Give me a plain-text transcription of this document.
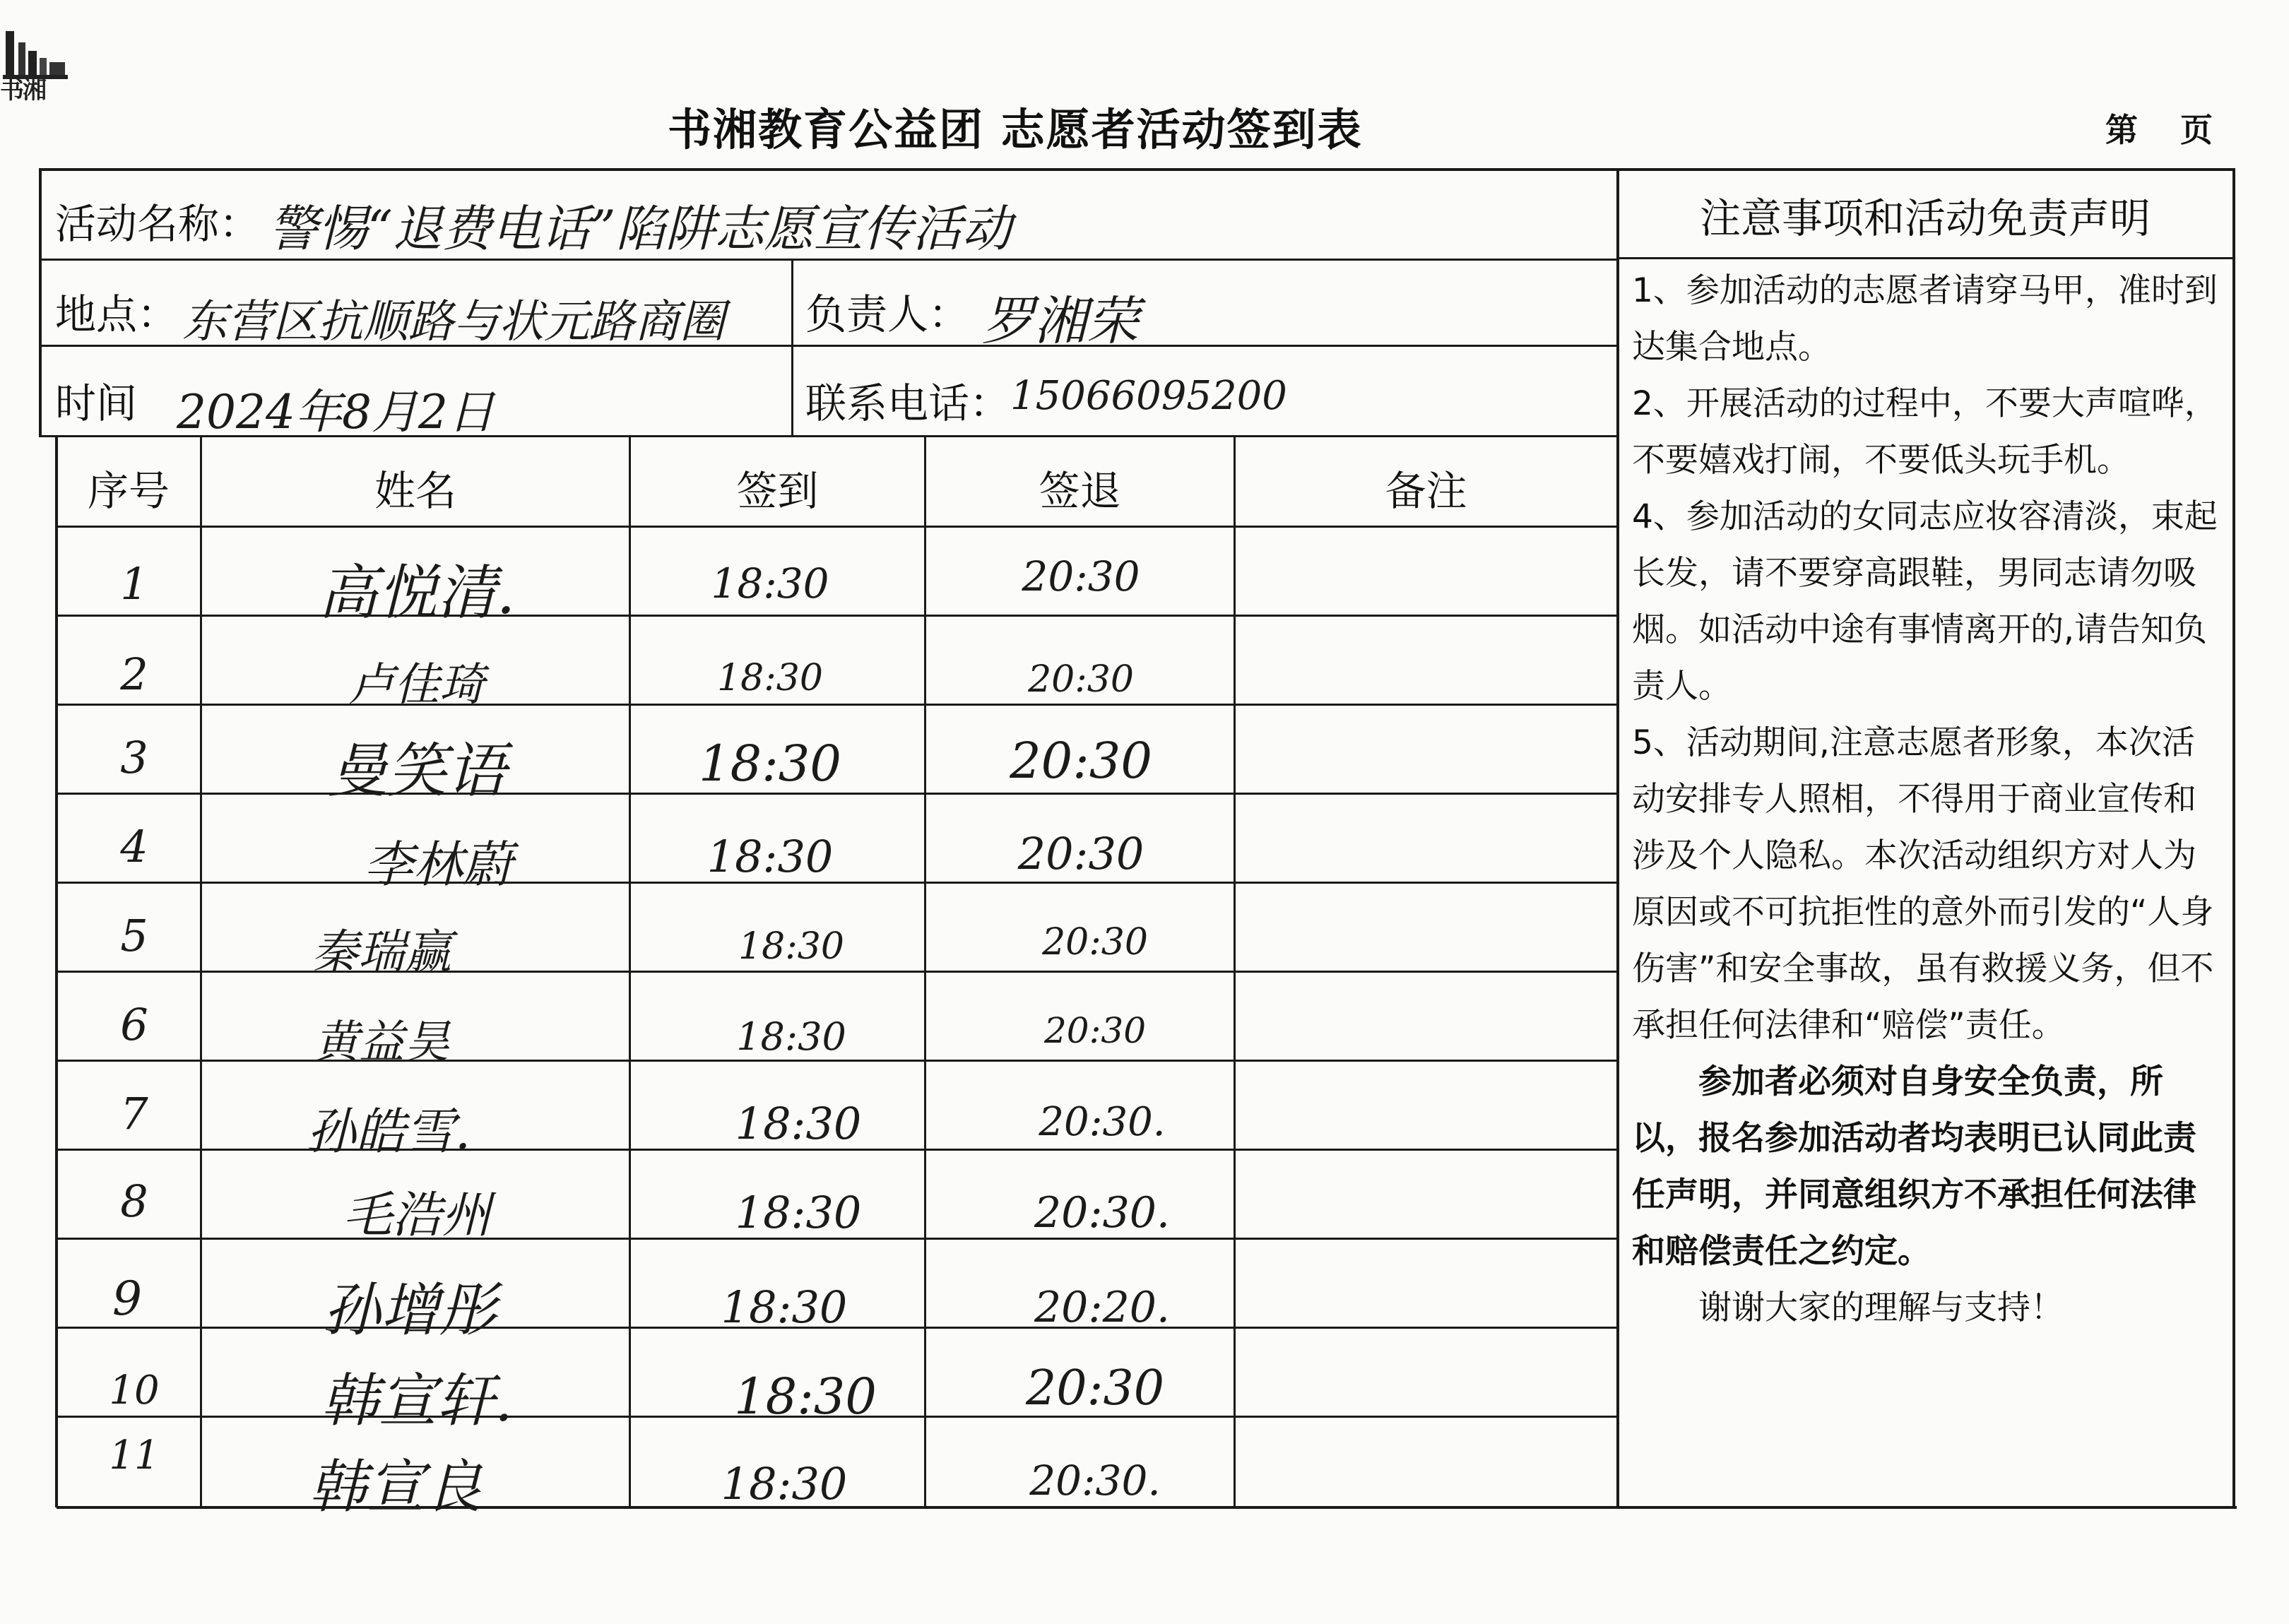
书湘
书湘教育公益团 志愿者活动签到表	第 页
活动名称： 警惕“退费电话”陷阱志愿宣传活动
地点： 东营区抗顺路与状元路商圈 负责人： 罗湘荣
时间 2024年8月2日	联系电话： 15066095200
序号	姓名	签到	签退	备注
1	高悦清.	18:30	20:30
2	卢佳琦	18:30	20:30
3	曼笑语	18:30	20:30
4	李林蔚	18:30	20:30
5	秦瑞赢	18:30	20:30
6	黄益昊	18:30	20:30
7	孙皓雪.	18:30	20:30.
8	毛浩州	18:30	20:30.
9	孙增彤	18:30	20:20.
10	韩宣轩.	18:30	20:30
11	韩宣良	18:30	20:30.
注意事项和活动免责声明

1、参加活动的志愿者请穿马甲，准时到达集合地点。

2、开展活动的过程中，不要大声喧哗，不要嬉戏打闹，不要低头玩手机。

4、参加活动的女同志应妆容清淡，束起长发，请不要穿高跟鞋，男同志请勿吸烟。如活动中途有事情离开的,请告知负责人。

5、活动期间,注意志愿者形象，本次活动安排专人照相，不得用于商业宣传和涉及个人隐私。本次活动组织方对人为原因或不可抗拒性的意外而引发的“人身伤害”和安全事故，虽有救援义务，但不承担任何法律和“赔偿”责任。

参加者必须对自身安全负责，所以，报名参加活动者均表明已认同此责任声明，并同意组织方不承担任何法律和赔偿责任之约定。

谢谢大家的理解与支持！
